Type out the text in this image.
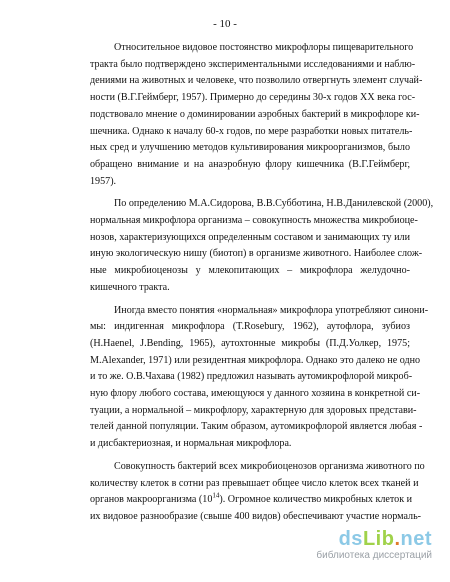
- 10 -

Относительное видовое постоянство микрофлоры пищеварительного
тракта было подтверждено экспериментальными исследованиями и наблю-
дениями на животных и человеке, что позволило отвергнуть элемент случай-
ности (В.Г.Геймберг, 1957). Примерно до середины 30-х годов XX века гос-
подствовало мнение о доминировании аэробных бактерий в микрофлоре ки-
шечника. Однако к началу 60-х годов, по мере разработки новых питатель-
ных сред и улучшению методов культивирования микроорганизмов, было
обращено внимание и на анаэробную флору кишечника (В.Г.Геймберг,
1957).

По определению М.А.Сидорова, В.В.Субботина, Н.В.Данилевской (2000),
нормальная микрофлора организма – совокупность множества микробиоце-
нозов, характеризующихся определенным составом и занимающих ту или
иную экологическую нишу (биотоп) в организме животного. Наиболее слож-
ные микробиоценозы у млекопитающих – микрофлора желудочно-
кишечного тракта.

Иногда вместо понятия «нормальная» микрофлора употребляют синони-
мы: индигенная микрофлора (T.Rosebury, 1962), аутофлора, зубиоз
(H.Haenel, J.Bending, 1965), аутохтонные микробы (П.Д.Уолкер, 1975;
M.Alexander, 1971) или резидентная микрофлора. Однако это далеко не одно
и то же. О.В.Чахава (1982) предложил называть аутомикрофлорой микроб-
ную флору любого состава, имеющуюся у данного хозяина в конкретной си-
туации, а нормальной – микрофлору, характерную для здоровых представи-
телей данной популяции. Таким образом, аутомикрофлорой является любая -
и дисбактериозная, и нормальная микрофлора.

Совокупность бактерий всех микробиоценозов организма животного по
количеству клеток в сотни раз превышает общее число клеток всех тканей и
органов макроорганизма $(10^{14})$. Огромное количество микробных клеток и
их видовое разнообразие (свыше 400 видов) обеспечивают участие нормаль-

dsLib.net
библиотека диссертаций
